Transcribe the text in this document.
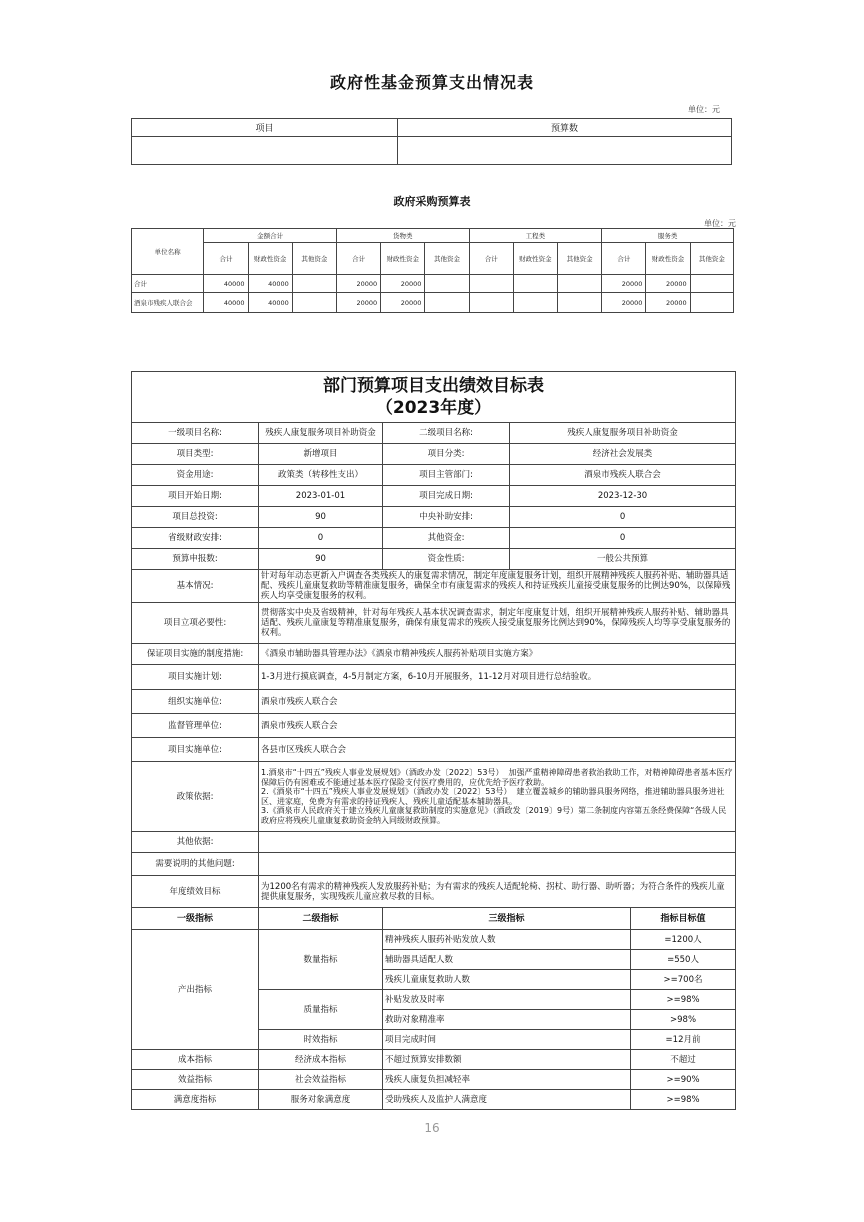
政府性基金预算支出情况表
单位：元
项目	预算数

政府采购预算表
单位：元
单位名称	金额合计			货物类			工程类			服务类		
	合计	财政性资金	其他资金	合计	财政性资金	其他资金	合计	财政性资金	其他资金	合计	财政性资金	其他资金
合计	40000	40000		20000	20000					20000	20000	
酒泉市残疾人联合会	40000	40000		20000	20000					20000	20000	
部门预算项目支出绩效目标表
（2023年度）				

一级项目名称:	残疾人康复服务项目补助资金	二级项目名称:	残疾人康复服务项目补助资金	
项目类型:	新增项目	项目分类:	经济社会发展类	
资金用途:	政策类（转移性支出）	项目主管部门:	酒泉市残疾人联合会	
项目开始日期:	2023-01-01	项目完成日期:	2023-12-30	
项目总投资:	90	中央补助安排:	0	
省级财政安排:	0	其他资金:	0	
预算申报数:	90	资金性质:	一般公共预算	
基本情况:	针对每年动态更新入户调查各类残疾人的康复需求情况，制定年度康复服务计划，组织开展精神残疾人服药补贴、辅助器具适配、残疾儿童康复救助等精准康复服务，确保全市有康复需求的残疾人和持证残疾儿童接受康复服务的比例达90%，以保障残疾人均享受康复服务的权利。			
项目立项必要性:	贯彻落实中央及省级精神，针对每年残疾人基本状况调查需求，制定年度康复计划，组织开展精神残疾人服药补贴、辅助器具适配、残疾儿童康复等精准康复服务，确保有康复需求的残疾人接受康复服务比例达到90%，保障残疾人均等享受康复服务的权利。			
保证项目实施的制度措施:	《酒泉市辅助器具管理办法》《酒泉市精神残疾人服药补贴项目实施方案》			
项目实施计划:	1-3月进行摸底调查，4-5月制定方案，6-10月开展服务，11-12月对项目进行总结验收。			
组织实施单位:	酒泉市残疾人联合会			
监督管理单位:	酒泉市残疾人联合会			
项目实施单位:	各县市区残疾人联合会			
政策依据:	1.酒泉市“十四五”残疾人事业发展规划》（酒政办发〔2022〕53号）  加强严重精神障碍患者救治救助工作，对精神障碍患者基本医疗保障后仍有困难或不能通过基本医疗保险支付医疗费用的，应优先给予医疗救助。
2.《酒泉市“十四五”残疾人事业发展规划》（酒政办发〔2022〕53号）  建立覆盖城乡的辅助器具服务网络，推进辅助器具服务进社区、进家庭，免费为有需求的持证残疾人、残疾儿童适配基本辅助器具。
3.《酒泉市人民政府关于建立残疾儿童康复救助制度的实施意见》（酒政发〔2019〕9号）第二条制度内容第五条经费保障“各级人民政府应将残疾儿童康复救助资金纳入同级财政预算。			
其他依据:				
需要说明的其他问题:				
年度绩效目标	为1200名有需求的精神残疾人发放服药补贴；为有需求的残疾人适配轮椅、拐杖、助行器、助听器；为符合条件的残疾儿童提供康复服务，实现残疾儿童应救尽救的目标。			
一级指标	二级指标	三级指标		指标目标值
产出指标	数量指标	精神残疾人服药补贴发放人数		=1200人
		辅助器具适配人数		=550人
		残疾儿童康复救助人数		>=700名
	质量指标	补贴发放及时率		>=98%
		救助对象精准率		>98%
	时效指标	项目完成时间		=12月前
成本指标	经济成本指标	不超过预算安排数额		不超过
效益指标	社会效益指标	残疾人康复负担减轻率		>=90%
满意度指标	服务对象满意度	受助残疾人及监护人满意度		>=98%
16
